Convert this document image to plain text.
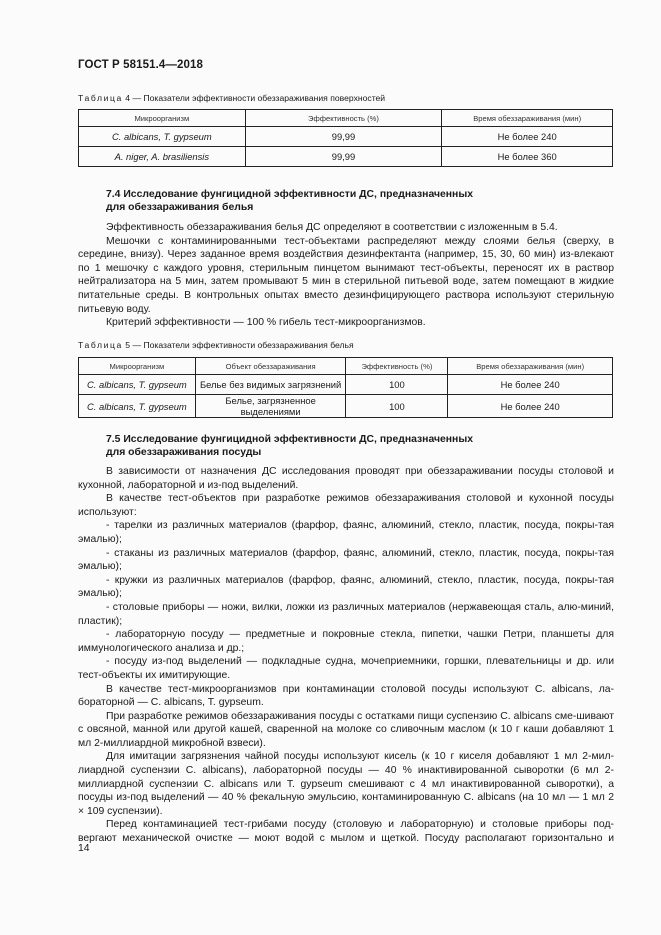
ГОСТ Р 58151.4—2018
Таблица 4 — Показатели эффективности обеззараживания поверхностей
Микроорганизм	Эффективность (%)	Время обеззараживания (мин)
C. albicans, T. gypseum	99,99	Не более 240
A. niger, A. brasiliensis	99,99	Не более 360
7.4 Исследование фунгицидной эффективности ДС, предназначенных
для обеззараживания белья

Эффективность обеззараживания белья ДС определяют в соответствии с изложенным в 5.4.

Мешочки с контаминированными тест-объектами распределяют между слоями белья (сверху, в середине, внизу). Через заданное время воздействия дезинфектанта (например, 15, 30, 60 мин) из-влекают по 1 мешочку с каждого уровня, стерильным пинцетом вынимают тест-объекты, переносят их в раствор нейтрализатора на 5 мин, затем промывают 5 мин в стерильной питьевой воде, затем помещают в жидкие питательные среды. В контрольных опытах вместо дезинфицирующего раствора используют стерильную питьевую воду.

Критерий эффективности — 100 % гибель тест-микроорганизмов.

Таблица 5 — Показатели эффективности обеззараживания белья
Микроорганизм	Объект обеззараживания	Эффективность (%)	Время обеззараживания (мин)
C. albicans, T. gypseum	Белье без видимых загрязнений	100	Не более 240
C. albicans, T. gypseum	Белье, загрязненное выделениями	100	Не более 240
7.5 Исследование фунгицидной эффективности ДС, предназначенных
для обеззараживания посуды

В зависимости от назначения ДС исследования проводят при обеззараживании посуды столовой и кухонной, лабораторной и из-под выделений.

В качестве тест-объектов при разработке режимов обеззараживания столовой и кухонной посуды используют:

- тарелки из различных материалов (фарфор, фаянс, алюминий, стекло, пластик, посуда, покры-тая эмалью);

- стаканы из различных материалов (фарфор, фаянс, алюминий, стекло, пластик, посуда, покры-тая эмалью);

- кружки из различных материалов (фарфор, фаянс, алюминий, стекло, пластик, посуда, покры-тая эмалью);

- столовые приборы — ножи, вилки, ложки из различных материалов (нержавеющая сталь, алю-миний, пластик);

- лабораторную посуду — предметные и покровные стекла, пипетки, чашки Петри, планшеты для иммунологического анализа и др.;

- посуду из-под выделений — подкладные судна, мочеприемники, горшки, плевательницы и др. или тест-объекты их имитирующие.

В качестве тест-микроорганизмов при контаминации столовой посуды используют C. albicans, ла-бораторной — C. albicans, T. gypseum.

При разработке режимов обеззараживания посуды с остатками пищи суспензию C. albicans сме-шивают с овсяной, манной или другой кашей, сваренной на молоке со сливочным маслом (к 10 г каши добавляют 1 мл 2-миллиардной микробной взвеси).

Для имитации загрязнения чайной посуды используют кисель (к 10 г киселя добавляют 1 мл 2-мил-лиардной суспензии C. albicans), лабораторной посуды — 40 % инактивированной сыворотки (6 мл 2-миллиардной суспензии C. albicans или T. gypseum смешивают с 4 мл инактивированной сыворотки), а посуды из-под выделений — 40 % фекальную эмульсию, контаминированную C. albicans (на 10 мл — 1 мл 2 × 109 суспензии).

Перед контаминацией тест-грибами посуду (столовую и лабораторную) и столовые приборы под-вергают механической очистке — моют водой с мылом и щеткой. Посуду располагают горизонтально и

14
